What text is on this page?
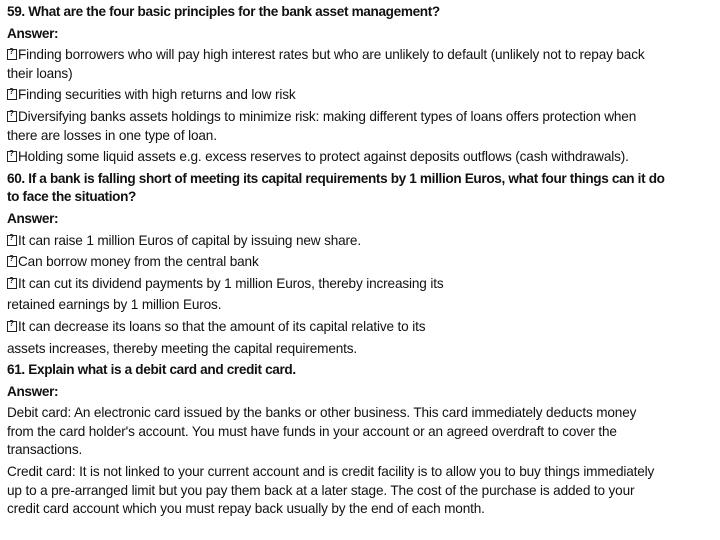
59. What are the four basic principles for the bank asset management?
Answer:
?Finding borrowers who will pay high interest rates but who are unlikely to default (unlikely not to repay back
their loans)
?Finding securities with high returns and low risk
?Diversifying banks assets holdings to minimize risk: making different types of loans offers protection when
there are losses in one type of loan.
?Holding some liquid assets e.g. excess reserves to protect against deposits outflows (cash withdrawals).
60. If a bank is falling short of meeting its capital requirements by 1 million Euros, what four things can it do
to face the situation?
Answer:
?It can raise 1 million Euros of capital by issuing new share.
?Can borrow money from the central bank
?It can cut its dividend payments by 1 million Euros, thereby increasing its
retained earnings by 1 million Euros.
?It can decrease its loans so that the amount of its capital relative to its
assets increases, thereby meeting the capital requirements.
61. Explain what is a debit card and credit card.
Answer:
Debit card: An electronic card issued by the banks or other business. This card immediately deducts money
from the card holder's account. You must have funds in your account or an agreed overdraft to cover the
transactions.
Credit card: It is not linked to your current account and is credit facility is to allow you to buy things immediately
up to a pre-arranged limit but you pay them back at a later stage. The cost of the purchase is added to your
credit card account which you must repay back usually by the end of each month.
